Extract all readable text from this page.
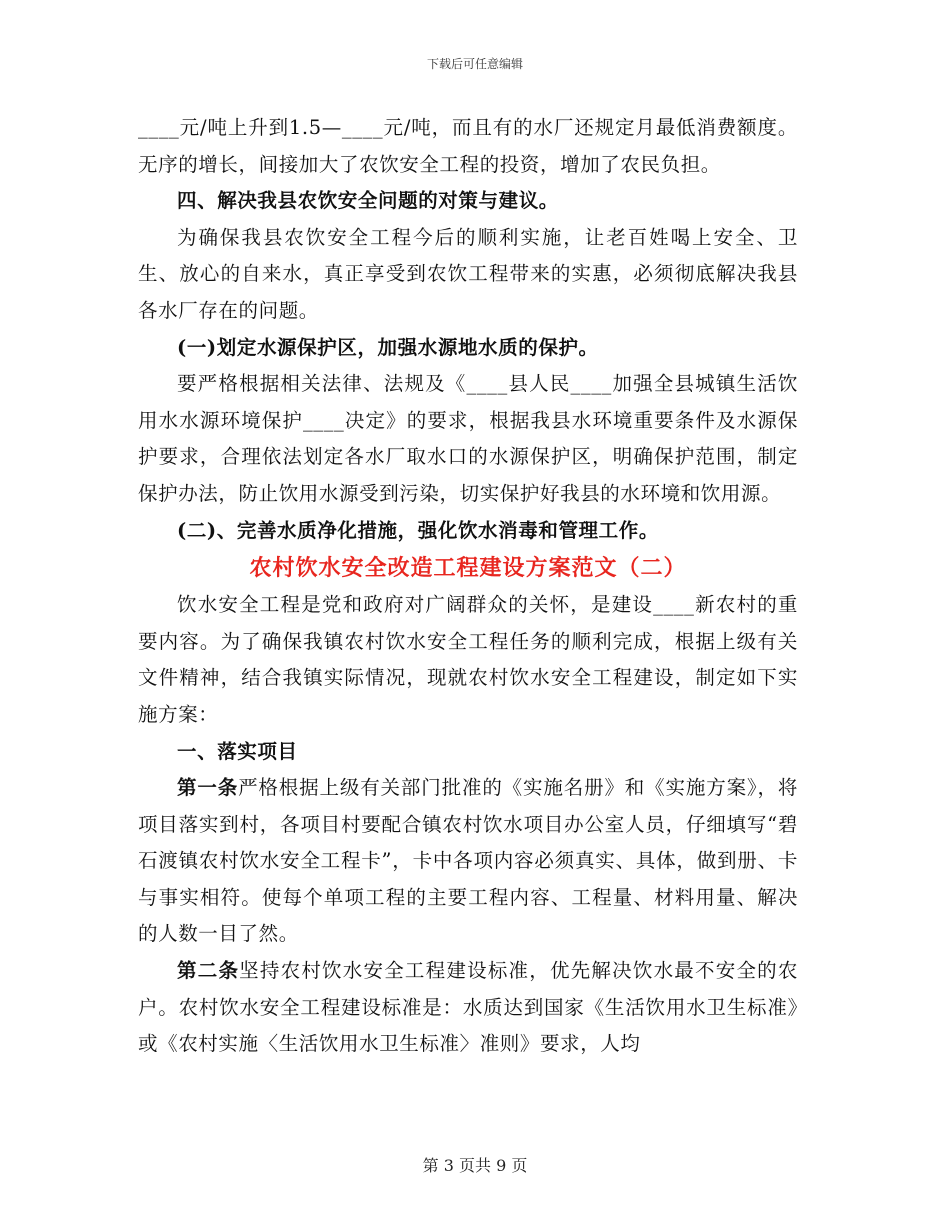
下载后可任意编辑

____元/吨上升到1.5—____元/吨，而且有的水厂还规定月最低消费额度。无序的增长，间接加大了农饮安全工程的投资，增加了农民负担。

四、解决我县农饮安全问题的对策与建议。

为确保我县农饮安全工程今后的顺利实施，让老百姓喝上安全、卫生、放心的自来水，真正享受到农饮工程带来的实惠，必须彻底解决我县各水厂存在的问题。

(一)划定水源保护区，加强水源地水质的保护。

要严格根据相关法律、法规及《____县人民____加强全县城镇生活饮用水水源环境保护____决定》的要求，根据我县水环境重要条件及水源保护要求，合理依法划定各水厂取水口的水源保护区，明确保护范围，制定保护办法，防止饮用水源受到污染，切实保护好我县的水环境和饮用源。

(二)、完善水质净化措施，强化饮水消毒和管理工作。

农村饮水安全改造工程建设方案范文（二）

饮水安全工程是党和政府对广阔群众的关怀，是建设____新农村的重要内容。为了确保我镇农村饮水安全工程任务的顺利完成，根据上级有关文件精神，结合我镇实际情况，现就农村饮水安全工程建设，制定如下实施方案：

一、落实项目

第一条严格根据上级有关部门批准的《实施名册》和《实施方案》，将项目落实到村，各项目村要配合镇农村饮水项目办公室人员，仔细填写“碧石渡镇农村饮水安全工程卡”，卡中各项内容必须真实、具体，做到册、卡与事实相符。使每个单项工程的主要工程内容、工程量、材料用量、解决的人数一目了然。

第二条坚持农村饮水安全工程建设标准，优先解决饮水最不安全的农户。农村饮水安全工程建设标准是：水质达到国家《生活饮用水卫生标准》或《农村实施〈生活饮用水卫生标准〉准则》要求，人均

第 3 页共 9 页
